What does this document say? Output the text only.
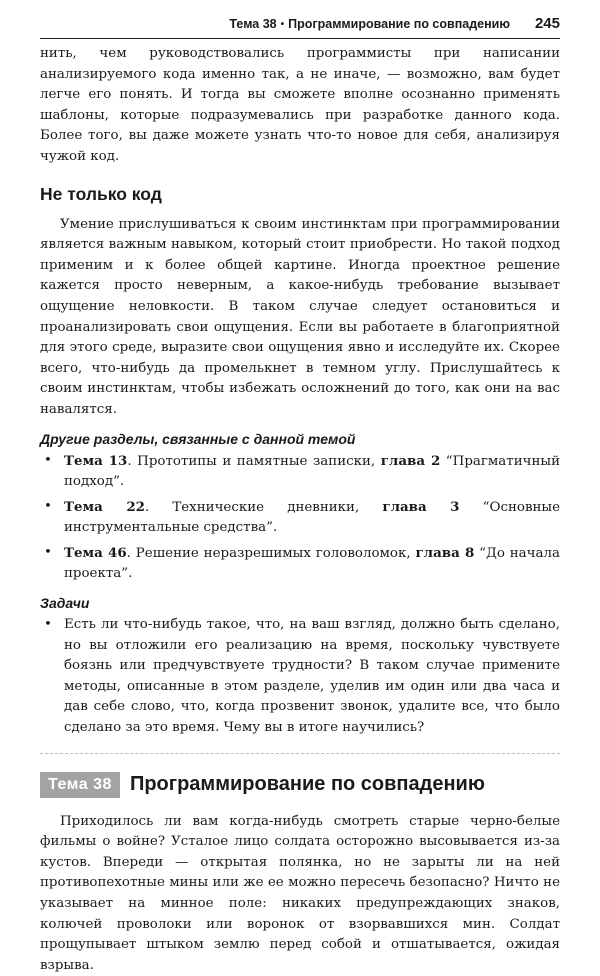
Тема 38 • Программирование по совпадению 245

нить, чем руководствовались программисты при написании анализируемого кода именно так, а не иначе, — возможно, вам будет легче его понять. И тогда вы сможете вполне осознанно применять шаблоны, которые подразумевались при разработке данного кода. Более того, вы даже можете узнать что-то новое для себя, анализируя чужой код.

Не только код

Умение прислушиваться к своим инстинктам при программировании является важным навыком, который стоит приобрести. Но такой подход применим и к более общей картине. Иногда проектное решение кажется просто неверным, а какое-нибудь требование вызывает ощущение неловкости. В таком случае следует остановиться и проанализировать свои ощущения. Если вы работаете в благоприятной для этого среде, выразите свои ощущения явно и исследуйте их. Скорее всего, что-нибудь да промелькнет в темном углу. Прислушайтесь к своим инстинктам, чтобы избежать осложнений до того, как они на вас навалятся.

Другие разделы, связанные с данной темой
• Тема 13. Прототипы и памятные записки, глава 2 “Прагматичный подход”.
• Тема 22. Технические дневники, глава 3 “Основные инструментальные средства”.
• Тема 46. Решение неразрешимых головоломок, глава 8 “До начала проекта”.
Задачи
• Есть ли что-нибудь такое, что, на ваш взгляд, должно быть сделано, но вы отложили его реализацию на время, поскольку чувствуете боязнь или предчувствуете трудности? В таком случае примените методы, описанные в этом разделе, уделив им один или два часа и дав себе слово, что, когда прозвенит звонок, удалите все, что было сделано за это время. Чему вы в итоге научились?
Тема 38 Программирование по совпадению

Приходилось ли вам когда-нибудь смотреть старые черно-белые фильмы о войне? Усталое лицо солдата осторожно высовывается из-за кустов. Впереди — открытая полянка, но не зарыты ли на ней противопехотные мины или же ее можно пересечь безопасно? Ничто не указывает на минное поле: никаких предупреждающих знаков, колючей проволоки или воронок от взорвавшихся мин. Солдат прощупывает штыком землю перед собой и отшатывается, ожидая взрыва.
